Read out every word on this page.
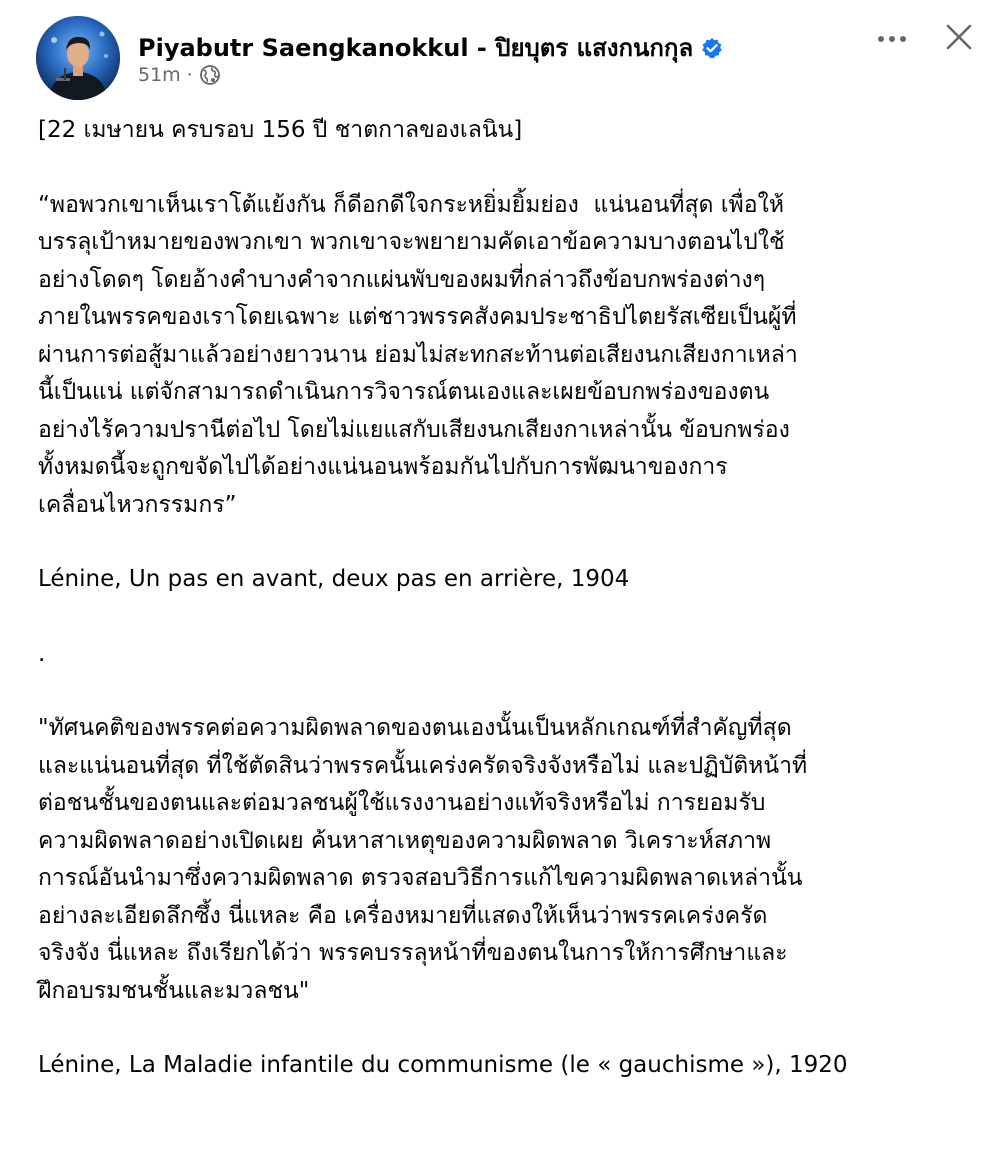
Piyabutr Saengkanokkul - ปิยบุตร แสงกนกกุล
51m ·

[22 เมษายน ครบรอบ 156 ปี ชาตกาลของเลนิน]

“พอพวกเขาเห็นเราโต้แย้งกัน ก็ดีอกดีใจกระหยิ่มยิ้มย่อง  แน่นอนที่สุด เพื่อให้

บรรลุเป้าหมายของพวกเขา พวกเขาจะพยายามคัดเอาข้อความบางตอนไปใช้

อย่างโดดๆ โดยอ้างคำบางคำจากแผ่นพับของผมที่กล่าวถึงข้อบกพร่องต่างๆ

ภายในพรรคของเราโดยเฉพาะ แต่ชาวพรรคสังคมประชาธิปไตยรัสเซียเป็นผู้ที่

ผ่านการต่อสู้มาแล้วอย่างยาวนาน ย่อมไม่สะทกสะท้านต่อเสียงนกเสียงกาเหล่า

นี้เป็นแน่ แต่จักสามารถดำเนินการวิจารณ์ตนเองและเผยข้อบกพร่องของตน

อย่างไร้ความปรานีต่อไป โดยไม่แยแสกับเสียงนกเสียงกาเหล่านั้น ข้อบกพร่อง

ทั้งหมดนี้จะถูกขจัดไปได้อย่างแน่นอนพร้อมกันไปกับการพัฒนาของการ

เคลื่อนไหวกรรมกร”

Lénine, Un pas en avant, deux pas en arrière, 1904

.

"ทัศนคติของพรรคต่อความผิดพลาดของตนเองนั้นเป็นหลักเกณฑ์ที่สำคัญที่สุด

และแน่นอนที่สุด ที่ใช้ตัดสินว่าพรรคนั้นเคร่งครัดจริงจังหรือไม่ และปฏิบัติหน้าที่

ต่อชนชั้นของตนและต่อมวลชนผู้ใช้แรงงานอย่างแท้จริงหรือไม่ การยอมรับ

ความผิดพลาดอย่างเปิดเผย ค้นหาสาเหตุของความผิดพลาด วิเคราะห์สภาพ

การณ์อันนำมาซึ่งความผิดพลาด ตรวจสอบวิธีการแก้ไขความผิดพลาดเหล่านั้น

อย่างละเอียดลึกซึ้ง นี่แหละ คือ เครื่องหมายที่แสดงให้เห็นว่าพรรคเคร่งครัด

จริงจัง นี่แหละ ถึงเรียกได้ว่า พรรคบรรลุหน้าที่ของตนในการให้การศึกษาและ

ฝึกอบรมชนชั้นและมวลชน"

Lénine, La Maladie infantile du communisme (le « gauchisme »), 1920
